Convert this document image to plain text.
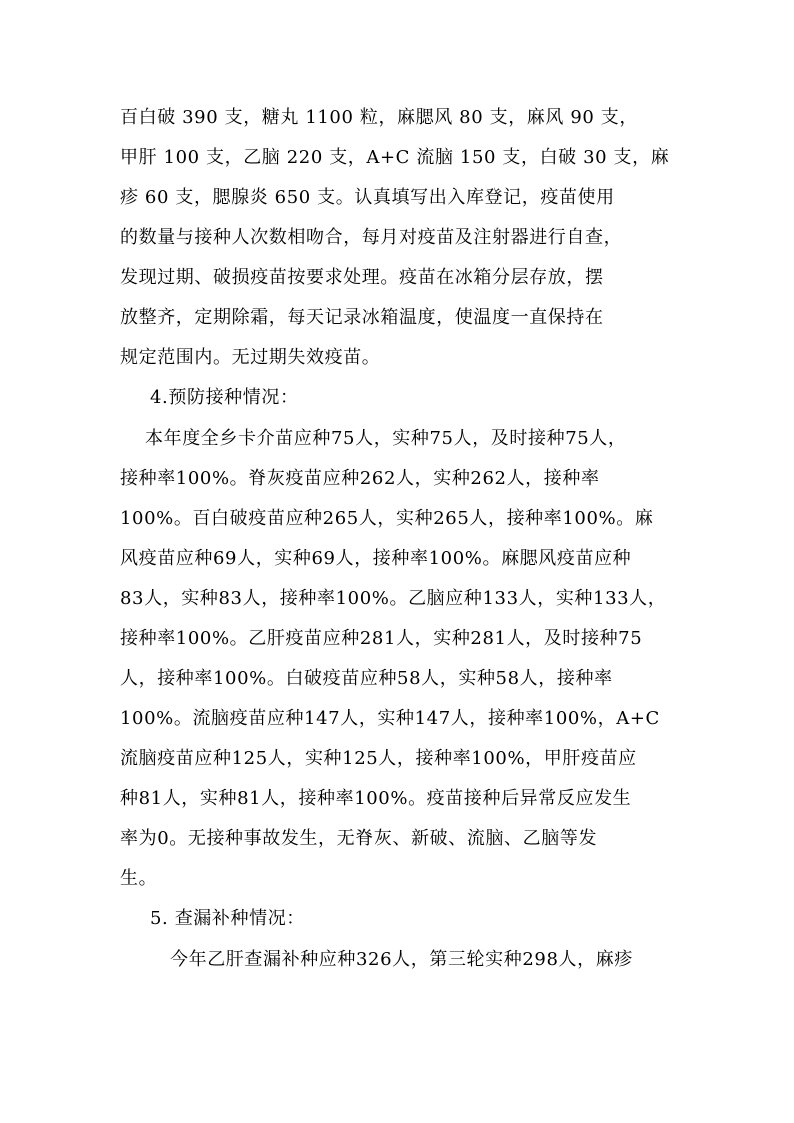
百白破 390 支，糖丸 1100 粒，麻腮风 80 支，麻风 90 支，
甲肝 100 支，乙脑 220 支，A+C 流脑 150 支，白破 30 支，麻
疹 60 支，腮腺炎 650 支。认真填写出入库登记，疫苗使用
的数量与接种人次数相吻合，每月对疫苗及注射器进行自查，
发现过期、破损疫苗按要求处理。疫苗在冰箱分层存放，摆
放整齐，定期除霜，每天记录冰箱温度，使温度一直保持在
规定范围内。无过期失效疫苗。
4.预防接种情况：
本年度全乡卡介苗应种75人，实种75人，及时接种75人，
接种率100%。脊灰疫苗应种262人，实种262人，接种率
100%。百白破疫苗应种265人，实种265人，接种率100%。麻
风疫苗应种69人，实种69人，接种率100%。麻腮风疫苗应种
83人，实种83人，接种率100%。乙脑应种133人，实种133人，
接种率100%。乙肝疫苗应种281人，实种281人，及时接种75
人，接种率100%。白破疫苗应种58人，实种58人，接种率
100%。流脑疫苗应种147人，实种147人，接种率100%，A+C
流脑疫苗应种125人，实种125人，接种率100%，甲肝疫苗应
种81人，实种81人，接种率100%。疫苗接种后异常反应发生
率为0。无接种事故发生，无脊灰、新破、流脑、乙脑等发
生。
5. 查漏补种情况：
今年乙肝查漏补种应种326人，第三轮实种298人，麻疹
